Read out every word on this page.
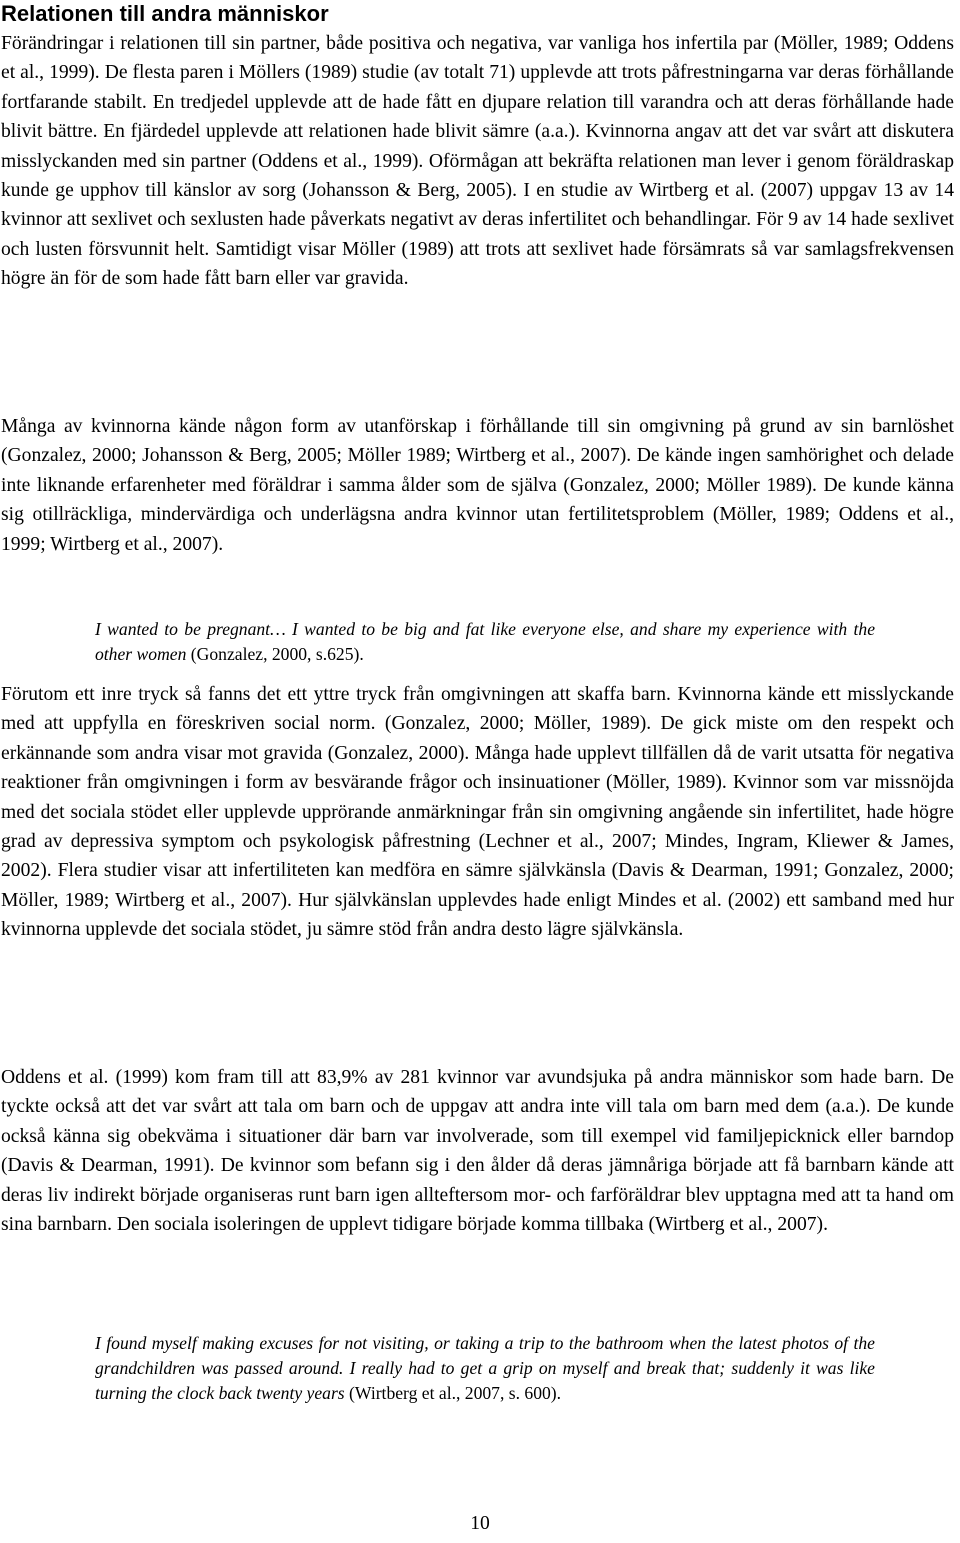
Relationen till andra människor

Förändringar i relationen till sin partner, både positiva och negativa, var vanliga hos infertila par (Möller, 1989; Oddens et al., 1999). De flesta paren i Möllers (1989) studie (av totalt 71) upplevde att trots påfrestningarna var deras förhållande fortfarande stabilt. En tredjedel upplevde att de hade fått en djupare relation till varandra och att deras förhållande hade blivit bättre. En fjärdedel upplevde att relationen hade blivit sämre (a.a.). Kvinnorna angav att det var svårt att diskutera misslyckanden med sin partner (Oddens et al., 1999). Oförmågan att bekräfta relationen man lever i genom föräldraskap kunde ge upphov till känslor av sorg (Johansson & Berg, 2005). I en studie av Wirtberg et al. (2007) uppgav 13 av 14 kvinnor att sexlivet och sexlusten hade påverkats negativt av deras infertilitet och behandlingar. För 9 av 14 hade sexlivet och lusten försvunnit helt. Samtidigt visar Möller (1989) att trots att sexlivet hade försämrats så var samlagsfrekvensen högre än för de som hade fått barn eller var gravida.

Många av kvinnorna kände någon form av utanförskap i förhållande till sin omgivning på grund av sin barnlöshet (Gonzalez, 2000; Johansson & Berg, 2005; Möller 1989; Wirtberg et al., 2007). De kände ingen samhörighet och delade inte liknande erfarenheter med föräldrar i samma ålder som de själva (Gonzalez, 2000; Möller 1989). De kunde känna sig otillräckliga, mindervärdiga och underlägsna andra kvinnor utan fertilitetsproblem (Möller, 1989; Oddens et al., 1999; Wirtberg et al., 2007).

I wanted to be pregnant… I wanted to be big and fat like everyone else, and share my experience with the other women (Gonzalez, 2000, s.625).

Förutom ett inre tryck så fanns det ett yttre tryck från omgivningen att skaffa barn. Kvinnorna kände ett misslyckande med att uppfylla en föreskriven social norm. (Gonzalez, 2000; Möller, 1989). De gick miste om den respekt och erkännande som andra visar mot gravida (Gonzalez, 2000). Många hade upplevt tillfällen då de varit utsatta för negativa reaktioner från omgivningen i form av besvärande frågor och insinuationer (Möller, 1989). Kvinnor som var missnöjda med det sociala stödet eller upplevde upprörande anmärkningar från sin omgivning angående sin infertilitet, hade högre grad av depressiva symptom och psykologisk påfrestning (Lechner et al., 2007; Mindes, Ingram, Kliewer & James, 2002). Flera studier visar att infertiliteten kan medföra en sämre självkänsla (Davis & Dearman, 1991; Gonzalez, 2000; Möller, 1989; Wirtberg et al., 2007). Hur självkänslan upplevdes hade enligt Mindes et al. (2002) ett samband med hur kvinnorna upplevde det sociala stödet, ju sämre stöd från andra desto lägre självkänsla.

Oddens et al. (1999) kom fram till att 83,9% av 281 kvinnor var avundsjuka på andra människor som hade barn. De tyckte också att det var svårt att tala om barn och de uppgav att andra inte vill tala om barn med dem (a.a.). De kunde också känna sig obekväma i situationer där barn var involverade, som till exempel vid familjepicknick eller barndop (Davis & Dearman, 1991). De kvinnor som befann sig i den ålder då deras jämnåriga började att få barnbarn kände att deras liv indirekt började organiseras runt barn igen allteftersom mor- och farföräldrar blev upptagna med att ta hand om sina barnbarn. Den sociala isoleringen de upplevt tidigare började komma tillbaka (Wirtberg et al., 2007).

I found myself making excuses for not visiting, or taking a trip to the bathroom when the latest photos of the grandchildren was passed around. I really had to get a grip on myself and break that; suddenly it was like turning the clock back twenty years (Wirtberg et al., 2007, s. 600).
10
